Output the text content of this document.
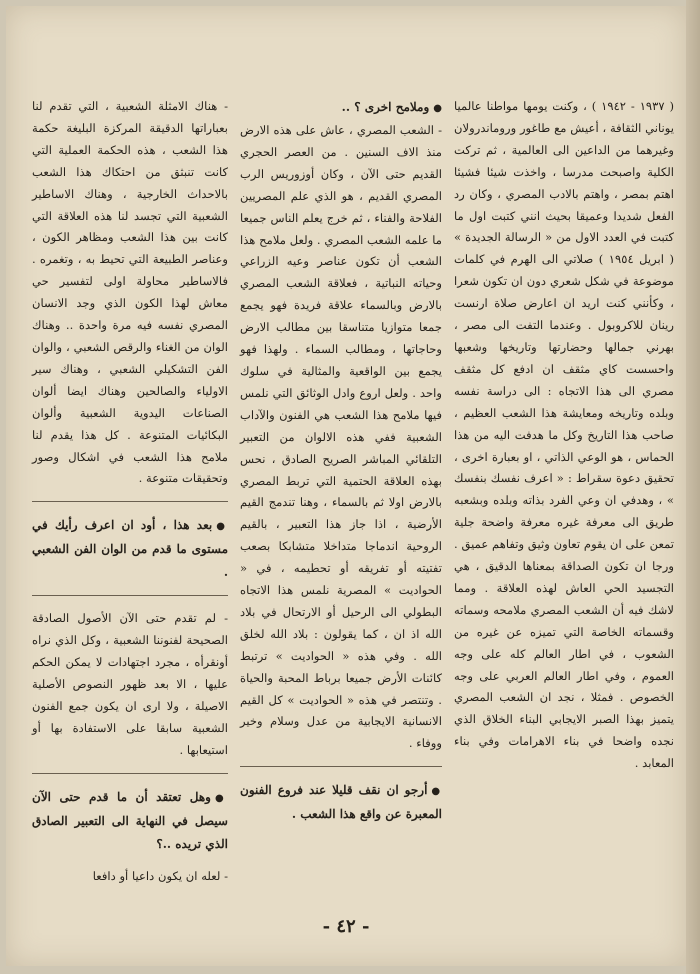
( ١٩٣٧ - ١٩٤٢ ) ، وكنت يومها مواطنا عالميا يوناني الثقافة ، أعيش مع طاغور وروماندرولان وغيرهما من الداعين الى العالمية ، ثم تركت الكلية واصبحت مدرسا ، واخذت شيئا فشيئا اهتم بمصر ، واهتم بالادب المصري ، وكان رد الفعل شديدا وعميقا بحيث انني كتبت اول ما كتبت في العدد الاول من « الرسالة الجديدة » ( ابريل ١٩٥٤ ) صلاتي الى الهرم في كلمات موضوعة في شكل شعري دون ان تكون شعرا ، وكأنني كنت اريد ان اعارض صلاة ارنست رينان للاكروبول . وعندما التفت الى مصر ، بهرني جمالها وحضارتها وتاريخها وشعبها واحسست كاي مثقف ان ادفع كل مثقف مصري الى هذا الاتجاه : الى دراسة نفسه وبلده وتاريخه ومعايشة هذا الشعب العظيم ، صاحب هذا التاريخ وكل ما هدفت اليه من هذا الحماس ، هو الوعي الذاتي ، او بعبارة اخرى ، تحقيق دعوة سقراط : « اعرف نفسك بنفسك » ، وهدفي ان وعي الفرد بذاته وبلده وبشعبه طريق الى معرفة غيره معرفة واضحة جلية تمعن على ان يقوم تعاون وثيق وتفاهم عميق . ورجا ان تكون الصداقة بمعناها الدقيق ، هي التجسيد الحي العاش لهذه العلاقة . ومما لاشك فيه أن الشعب المصري ملامحه وسماته وقسماته الخاصة التي تميزه عن غيره من الشعوب ، في اطار العالم كله على وجه العموم ، وفي اطار العالم العربي على وجه الخصوص . فمثلا ، نجد ان الشعب المصري يتميز بهذا الصبر الايجابي البناء الخلاق الذي نجده واضحا في بناء الاهرامات وفي بناء المعابد .

●وملامح اخرى ؟ ..

- الشعب المصري ، عاش على هذه الارض منذ الاف السنين . من العصر الحجري القديم حتى الآن ، وكان أوزوريس الرب المصري القديم ، هو الذي علم المصريين الفلاحة والفناء ، ثم خرج يعلم الناس جميعا ما علمه الشعب المصري . ولعل ملامح هذا الشعب أن تكون عناصر وعيه الزراعي وحياته النباتية ، فعلاقة الشعب المصري بالارض وبالسماء علاقة فريدة فهو يجمع جمعا متوازيا متناسقا بين مطالب الارض وحاجاتها ، ومطالب السماء . ولهذا فهو يجمع بين الواقعية والمثالية في سلوك واحد . ولعل اروع وادل الوثائق التي نلمس فيها ملامح هذا الشعب هي الفنون والآداب الشعبية ففي هذه الالوان من التعبير التلقائي المباشر الصريح الصادق ، نحس بهذه العلاقة الحتمية التي تربط المصري بالارض اولا ثم بالسماء ، وهنا تندمج القيم الأرضية ، اذا جاز هذا التعبير ، بالقيم الروحية اندماجا متداخلا متشابكا بصعب تفتيته أو تفريقه أو تحطيمه ، في « الحواديت » المصرية نلمس هذا الاتجاه البطولي الى الرحيل أو الارتحال في بلاد الله اذ ان ، كما يقولون : بلاد الله لخلق الله . وفي هذه « الحواديت » ترتبط كائنات الأرض جميعا برباط المحبة والحياة . وتنتصر في هذه « الحواديت » كل القيم الانسانية الايجابية من عدل وسلام وخير ووفاء .

●أرجو ان نقف قليلا عند فروع الفنون المعبرة عن واقع هذا الشعب .

- هناك الامثلة الشعبية ، التي تقدم لنا بعباراتها الدقيقة المركزة البليغة حكمة هذا الشعب ، هذه الحكمة العملية التي كانت تنبثق من احتكاك هذا الشعب بالاحداث الخارجية ، وهناك الاساطير الشعبية التي تجسد لنا هذه العلاقة التي كانت بين هذا الشعب ومظاهر الكون ، وعناصر الطبيعة التي تحيط به ، وتغمره . فالاساطير محاولة اولى لتفسير حي معاش لهذا الكون الذي وجد الانسان المصري نفسه فيه مرة واحدة .. وهناك الوان من الغناء والرقص الشعبي ، والوان الفن التشكيلي الشعبي ، وهناك سير الاولياء والصالحين وهناك ايضا ألوان الصناعات اليدوية الشعبية وألوان البكائيات المتنوعة . كل هذا يقدم لنا ملامح هذا الشعب في اشكال وصور وتحقيقات متنوعة .

●بعد هذا ، أود ان اعرف رأيك في مستوى ما قدم من الوان الفن الشعبي .

- لم تقدم حتى الآن الأصول الصادقة الصحيحة لفنوننا الشعبية ، وكل الذي نراه أونقرأه ، مجرد اجتهادات لا يمكن الحكم عليها ، الا بعد ظهور النصوص الأصلية الاصيلة ، ولا ارى ان يكون جمع الفنون الشعبية سابقا على الاستفادة بها أو استيعابها .

●وهل تعتقد أن ما قدم حتى الآن سيصل في النهاية الى التعبير الصادق الذي تريده ..؟

- لعله ان يكون داعيا أو دافعا

- ٤٢ -
